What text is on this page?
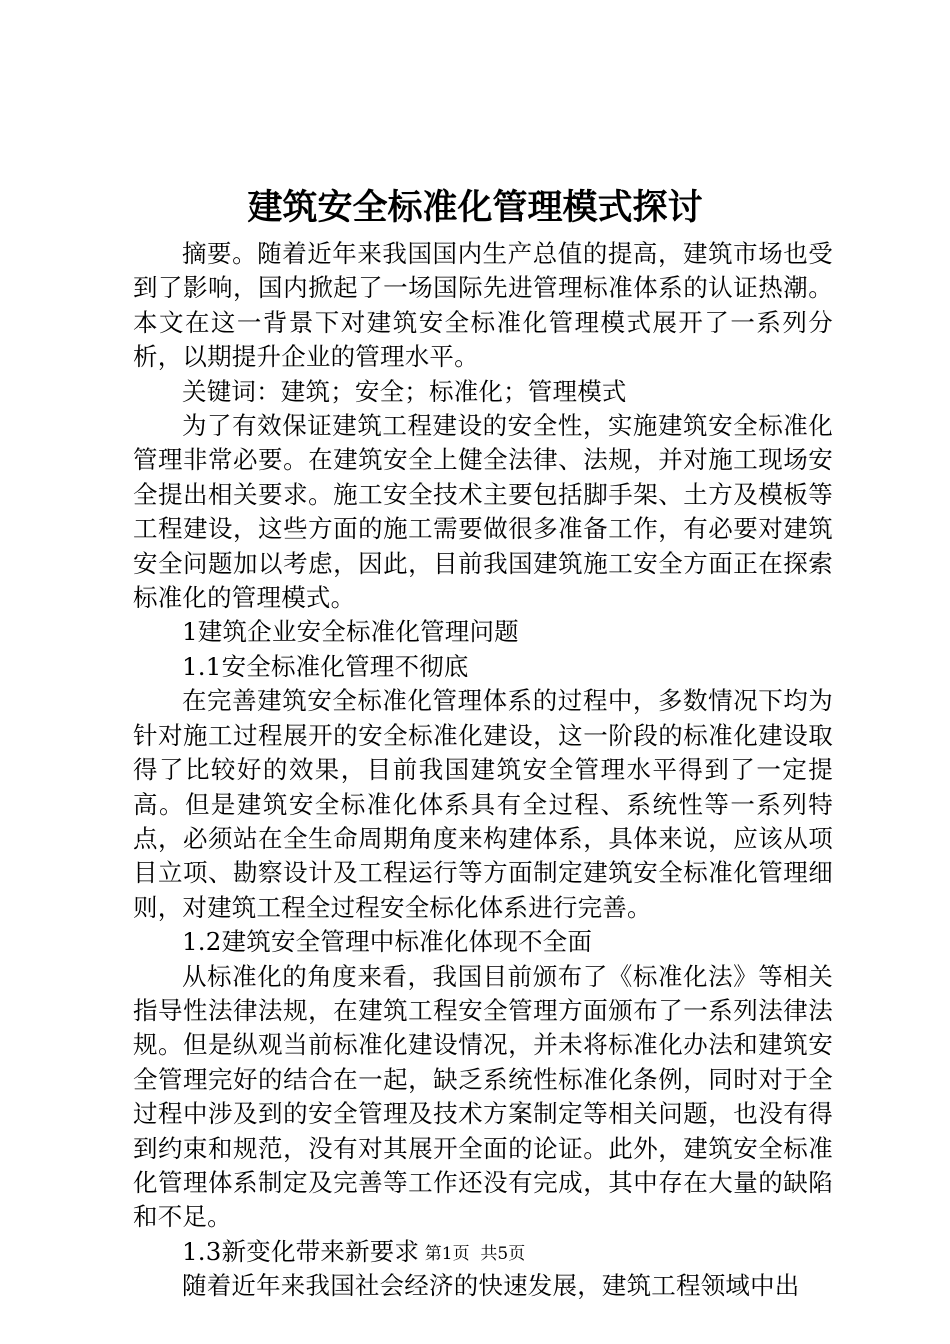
建筑安全标准化管理模式探讨

摘要。随着近年来我国国内生产总值的提高，建筑市场也受到了影响，国内掀起了一场国际先进管理标准体系的认证热潮。本文在这一背景下对建筑安全标准化管理模式展开了一系列分析，以期提升企业的管理水平。

关键词：建筑；安全；标准化；管理模式

为了有效保证建筑工程建设的安全性，实施建筑安全标准化管理非常必要。在建筑安全上健全法律、法规，并对施工现场安全提出相关要求。施工安全技术主要包括脚手架、土方及模板等工程建设，这些方面的施工需要做很多准备工作，有必要对建筑安全问题加以考虑，因此，目前我国建筑施工安全方面正在探索标准化的管理模式。

1建筑企业安全标准化管理问题

1.1安全标准化管理不彻底

在完善建筑安全标准化管理体系的过程中，多数情况下均为针对施工过程展开的安全标准化建设，这一阶段的标准化建设取得了比较好的效果，目前我国建筑安全管理水平得到了一定提高。但是建筑安全标准化体系具有全过程、系统性等一系列特点，必须站在全生命周期角度来构建体系，具体来说，应该从项目立项、勘察设计及工程运行等方面制定建筑安全标准化管理细则，对建筑工程全过程安全标化体系进行完善。

1.2建筑安全管理中标准化体现不全面

从标准化的角度来看，我国目前颁布了《标准化法》等相关指导性法律法规，在建筑工程安全管理方面颁布了一系列法律法规。但是纵观当前标准化建设情况，并未将标准化办法和建筑安全管理完好的结合在一起，缺乏系统性标准化条例，同时对于全过程中涉及到的安全管理及技术方案制定等相关问题，也没有得到约束和规范，没有对其展开全面的论证。此外，建筑安全标准化管理体系制定及完善等工作还没有完成，其中存在大量的缺陷和不足。

1.3新变化带来新要求

随着近年来我国社会经济的快速发展，建筑工程领域中出

第1页 共5页
